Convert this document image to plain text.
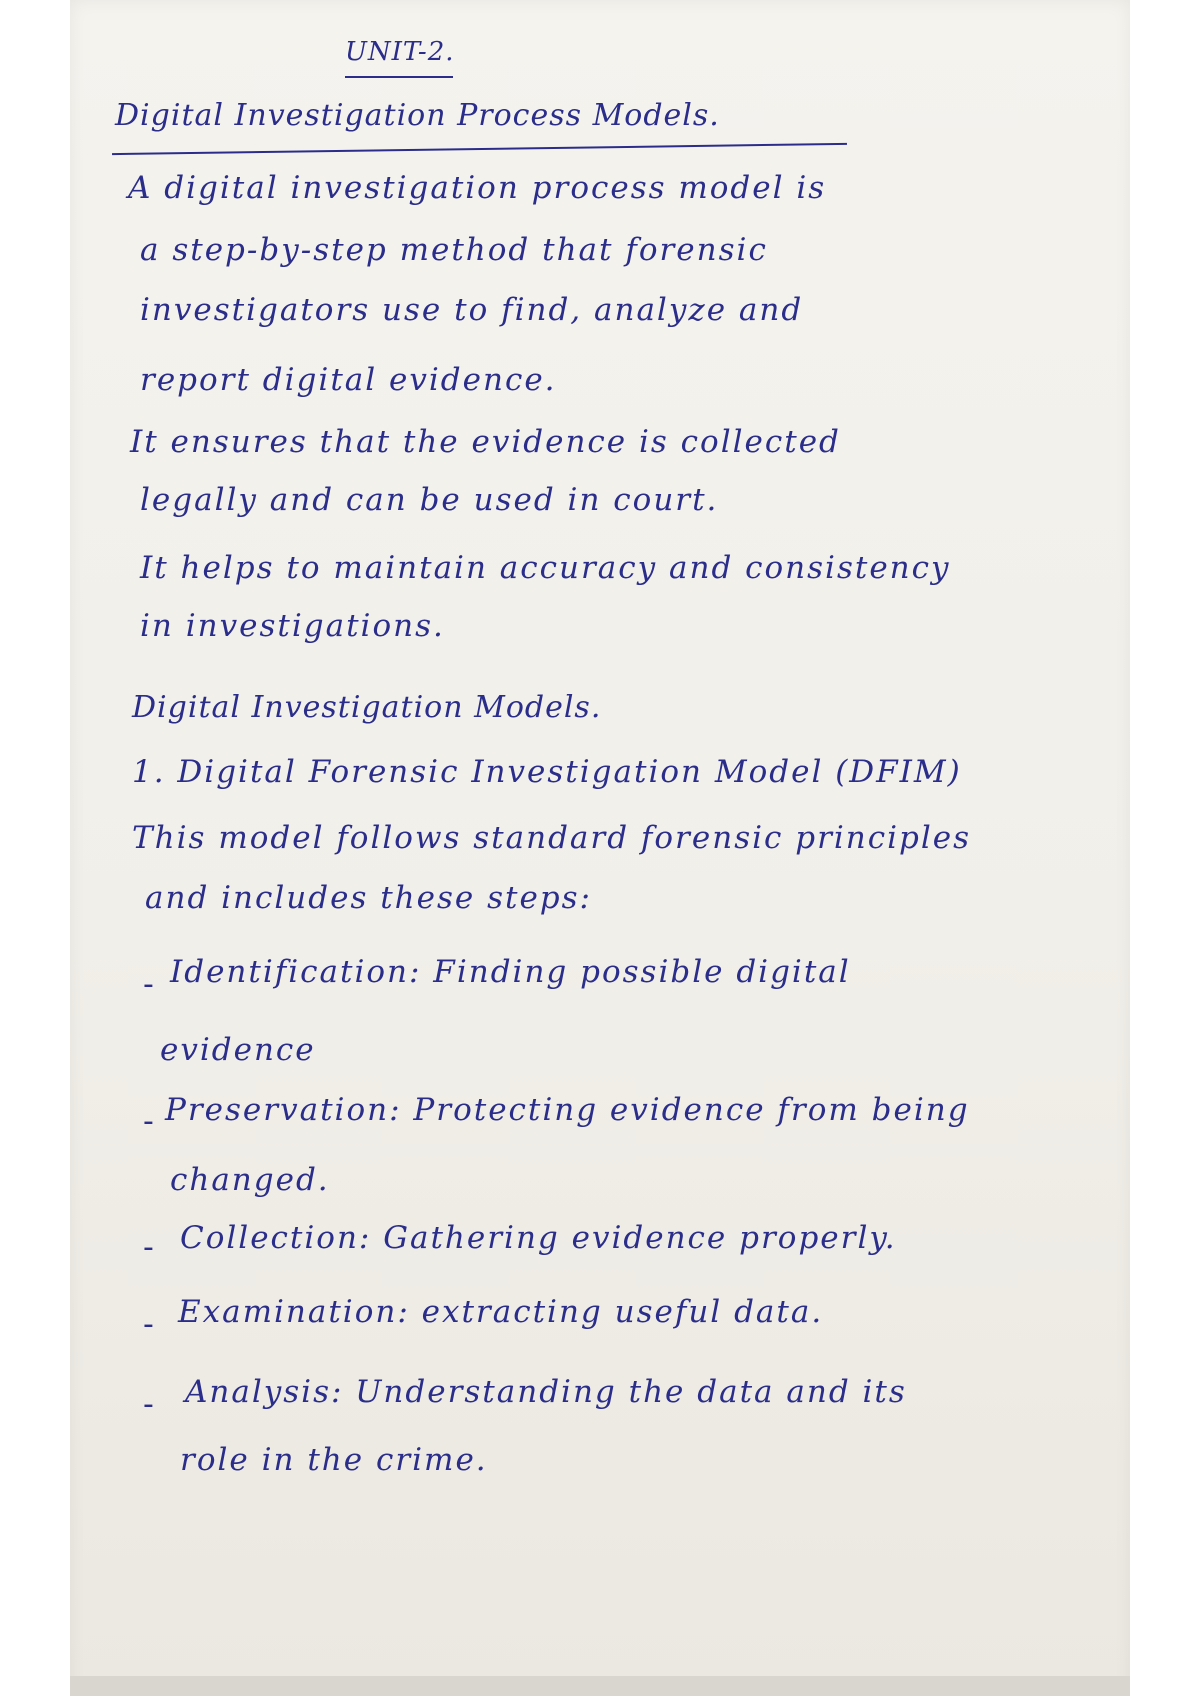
UNIT-2.
Digital Investigation Process Models.
A digital investigation process model is
a step-by-step method that forensic
investigators use to find, analyze and
report digital evidence.
It ensures that the evidence is collected
legally and can be used in court.
It helps to maintain accuracy and consistency
in investigations.
Digital Investigation Models.
1. Digital Forensic Investigation Model (DFIM)
This model follows standard forensic principles
and includes these steps:
- Identification: Finding possible digital
evidence
- Preservation: Protecting evidence from being
changed.
- Collection: Gathering evidence properly.
- Examination: extracting useful data.
- Analysis: Understanding the data and its
role in the crime.
